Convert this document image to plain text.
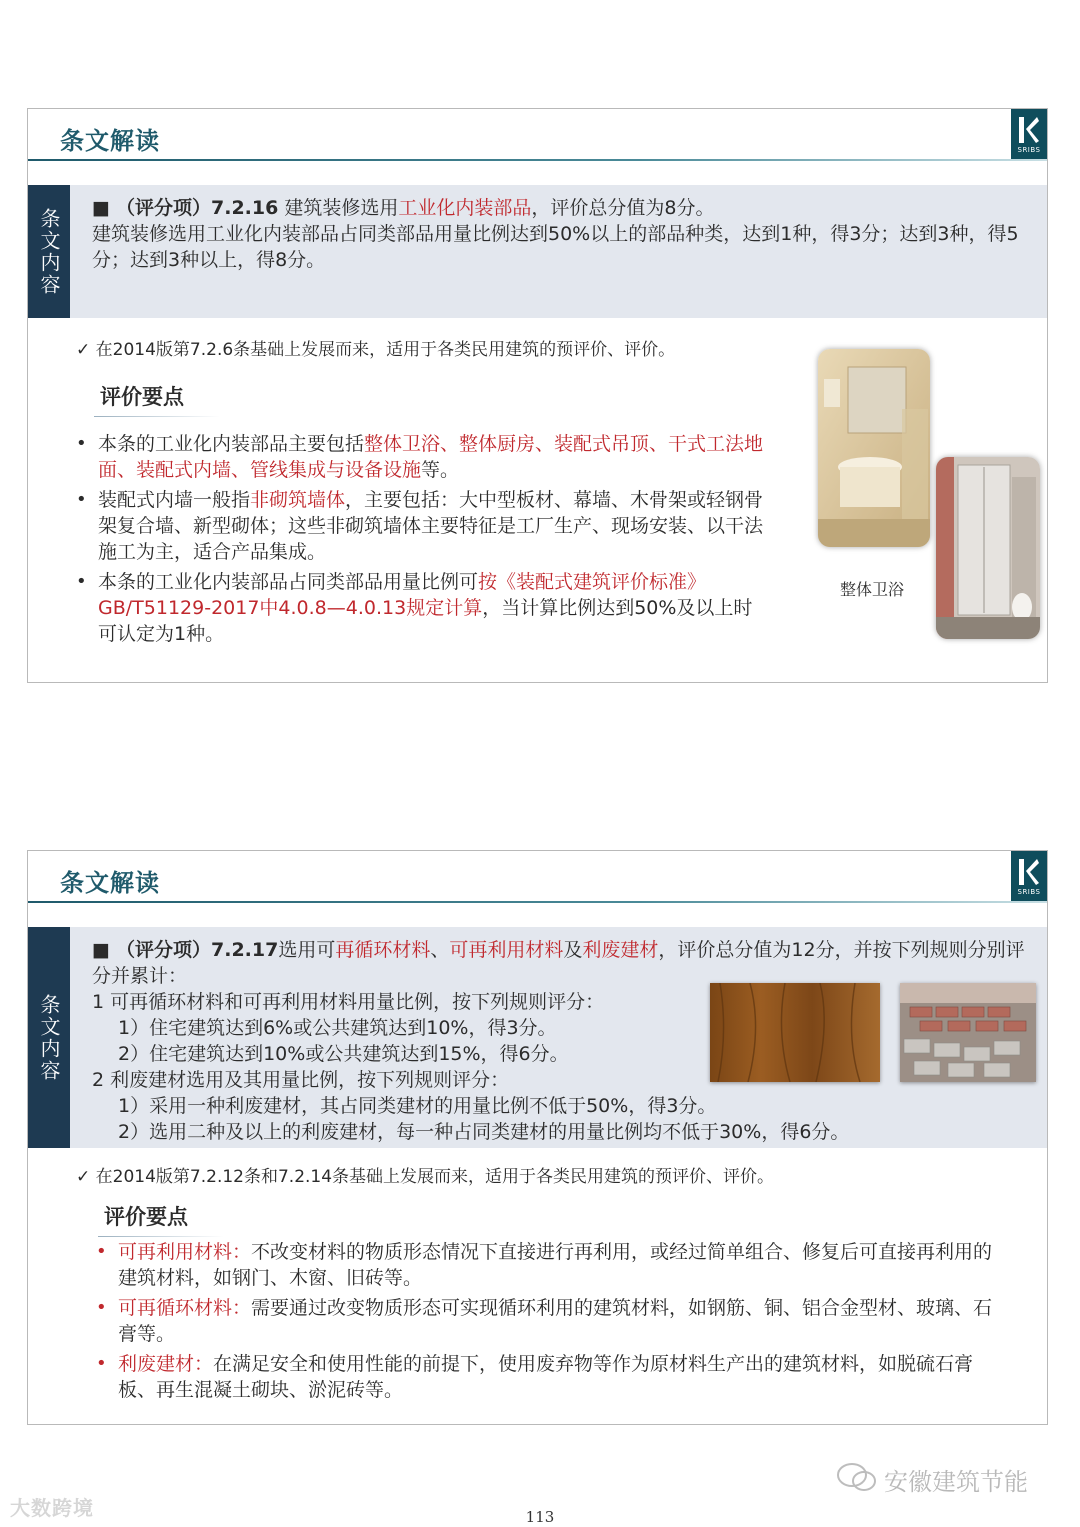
条文解读	SRIBS
条文内容 ■ （评分项）7.2.16 建筑装修选用工业化内装部品，评价总分值为8分。
建筑装修选用工业化内装部品占同类部品用量比例达到50%以上的部品种类，达到1种，得3分；达到3种，得5分；达到3种以上，得8分。
✓ 在2014版第7.2.6条基础上发展而来，适用于各类民用建筑的预评价、评价。
评价要点
• 本条的工业化内装部品主要包括整体卫浴、整体厨房、装配式吊顶、干式工法地面、装配式内墙、管线集成与设备设施等。
• 装配式内墙一般指非砌筑墙体，主要包括：大中型板材、幕墙、木骨架或轻钢骨架复合墙、新型砌体；这些非砌筑墙体主要特征是工厂生产、现场安装、以干法施工为主，适合产品集成。
• 本条的工业化内装部品占同类部品用量比例可按《装配式建筑评价标准》GB/T51129-2017中4.0.8—4.0.13规定计算，当计算比例达到50%及以上时可认定为1种。
整体卫浴
条文解读	SRIBS
条文内容
■ （评分项）7.2.17选用可再循环材料、可再利用材料及利废建材，评价总分值为12分，并按下列规则分别评分并累计：
1 可再循环材料和可再利用材料用量比例，按下列规则评分：
1）住宅建筑达到6%或公共建筑达到10%，得3分。
2）住宅建筑达到10%或公共建筑达到15%，得6分。
2 利废建材选用及其用量比例，按下列规则评分：
1）采用一种利废建材，其占同类建材的用量比例不低于50%，得3分。
2）选用二种及以上的利废建材，每一种占同类建材的用量比例均不低于30%，得6分。
✓ 在2014版第7.2.12条和7.2.14条基础上发展而来，适用于各类民用建筑的预评价、评价。
评价要点
• 可再利用材料：不改变材料的物质形态情况下直接进行再利用，或经过简单组合、修复后可直接再利用的建筑材料，如钢门、木窗、旧砖等。
• 可再循环材料：需要通过改变物质形态可实现循环利用的建筑材料，如钢筋、铜、铝合金型材、玻璃、石膏等。
• 利废建材：在满足安全和使用性能的前提下，使用废弃物等作为原材料生产出的建筑材料，如脱硫石膏板、再生混凝土砌块、淤泥砖等。
安徽建筑节能
大数跨境	113
